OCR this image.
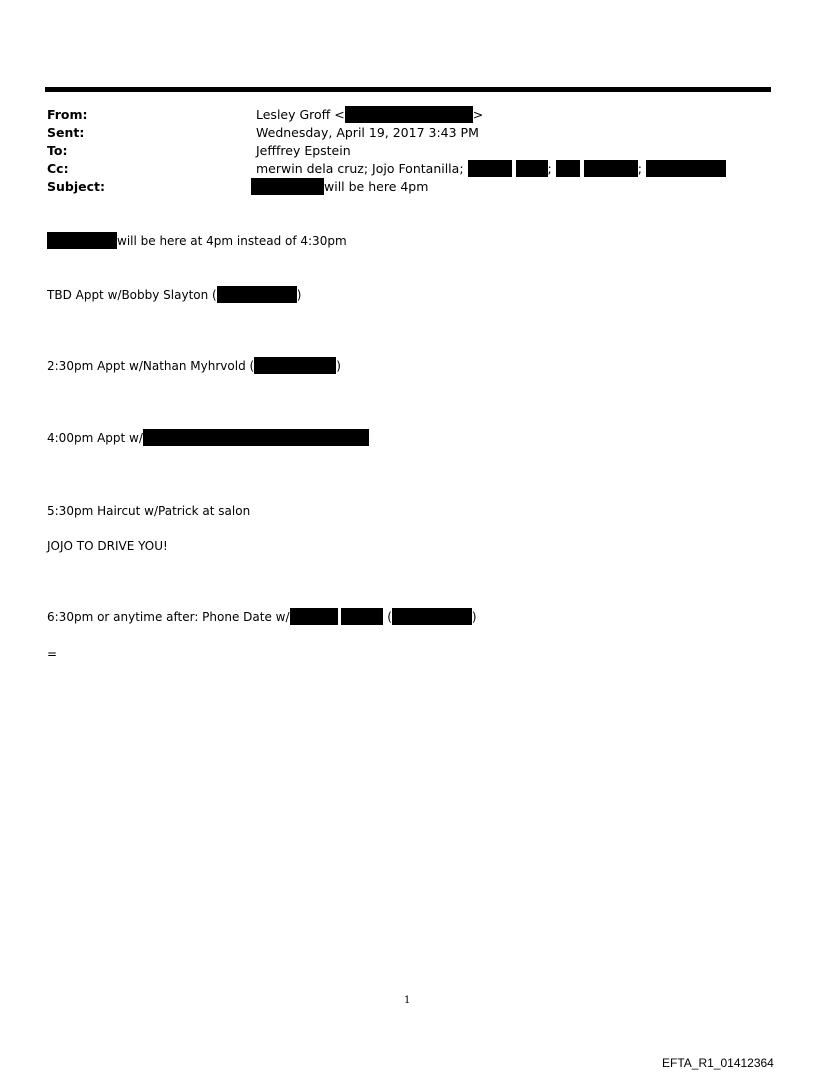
From:	Lesley Groff <	>
Sent:	Wednesday, April 19, 2017 3:43 PM
To:	Jefffrey Epstein
Cc:	merwin dela cruz; Jojo Fontanilla;	;	;
Subject:	will be here 4pm
will be here at 4pm instead of 4:30pm
TBD Appt w/Bobby Slayton (	)
2:30pm Appt w/Nathan Myhrvold (	)
4:00pm Appt w/
5:30pm Haircut w/Patrick at salon
JOJO TO DRIVE YOU!
6:30pm or anytime after: Phone Date w/	(	)
=
1
EFTA_R1_01412364
